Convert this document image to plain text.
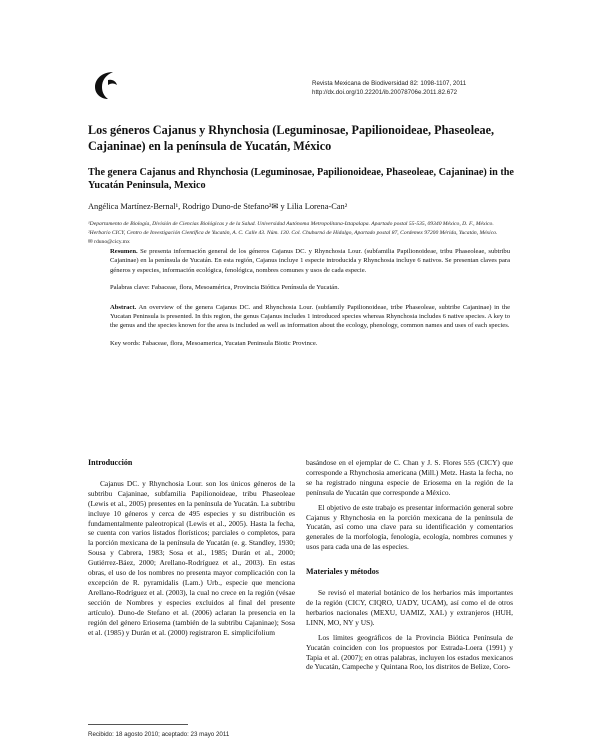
Revista Mexicana de Biodiversidad 82: 1098-1107, 2011
http://dx.doi.org/10.22201/ib.20078706e.2011.82.672
Los géneros Cajanus y Rhynchosia (Leguminosae, Papilionoideae, Phaseoleae, Cajaninae) en la península de Yucatán, México
The genera Cajanus and Rhynchosia (Leguminosae, Papilionoideae, Phaseoleae, Cajaninae) in the Yucatán Peninsula, Mexico
Angélica Martínez-Bernal¹, Rodrigo Duno-de Stefano²✉ y Lilia Lorena-Can²

¹Departamento de Biología, División de Ciencias Biológicas y de la Salud. Universidad Autónoma Metropolitana-Iztapalapa. Apartado postal 55-535, 09340 México, D. F., México.

²Herbario CICY, Centro de Investigación Científica de Yucatán, A. C. Calle 43. Núm. 130. Col. Chuburná de Hidalgo, Apartado postal 87, Cordemex 97200 Mérida, Yucatán, México.

✉ rduno@cicy.mx

Resumen. Se presenta información general de los géneros Cajanus DC. y Rhynchosia Lour. (subfamilia Papilionoideae, tribu Phaseoleae, subtribu Cajaninae) en la península de Yucatán. En esta región, Cajanus incluye 1 especie introducida y Rhynchosia incluye 6 nativos. Se presentan claves para géneros y especies, información ecológica, fenológica, nombres comunes y usos de cada especie.
Palabras clave: Fabaceae, flora, Mesoamérica, Provincia Biótica Península de Yucatán.
Abstract. An overview of the genera Cajanus DC. and Rhynchosia Lour. (subfamily Papilionoideae, tribe Phaseoleae, subtribe Cajaninae) in the Yucatan Peninsula is presented. In this region, the genus Cajanus includes 1 introduced species whereas Rhynchosia includes 6 native species. A key to the genus and the species known for the area is included as well as information about the ecology, phenology, common names and uses of each species.
Key words: Fabaceae, flora, Mesoamerica, Yucatan Peninsula Biotic Province.
Introducción

Cajanus DC. y Rhynchosia Lour. son los únicos géneros de la subtribu Cajaninae, subfamilia Papilionoideae, tribu Phaseoleae (Lewis et al., 2005) presentes en la península de Yucatán. La subtribu incluye 10 géneros y cerca de 495 especies y su distribución es fundamentalmente paleotropical (Lewis et al., 2005). Hasta la fecha, se cuenta con varios listados florísticos; parciales o completos, para la porción mexicana de la península de Yucatán (e. g. Standley, 1930; Sousa y Cabrera, 1983; Sosa et al., 1985; Durán et al., 2000; Gutiérrez-Báez, 2000; Arellano-Rodríguez et al., 2003). En estas obras, el uso de los nombres no presenta mayor complicación con la excepción de R. pyramidalis (Lam.) Urb., especie que menciona Arellano-Rodríguez et al. (2003), la cual no crece en la región (vésae sección de Nombres y especies excluidos al final del presente artículo). Duno-de Stefano et al. (2006) aclaran la presencia en la región del género Eriosema (también de la subtribu Cajaninae); Sosa et al. (1985) y Durán et al. (2000) registraron E. simplicifolium

basándose en el ejemplar de C. Chan y J. S. Flores 555 (CICY) que corresponde a Rhynchosia americana (Mill.) Metz. Hasta la fecha, no se ha registrado ninguna especie de Eriosema en la región de la península de Yucatán que corresponde a México.

El objetivo de este trabajo es presentar información general sobre Cajanus y Rhynchosia en la porción mexicana de la península de Yucatán, así como una clave para su identificación y comentarios generales de la morfología, fenología, ecología, nombres comunes y usos para cada una de las especies.

Materiales y métodos

Se revisó el material botánico de los herbarios más importantes de la región (CICY, CIQRO, UADY, UCAM), así como el de otros herbarios nacionales (MEXU, UAMIZ, XAL) y extranjeros (HUH, LINN, MO, NY y US).

Los límites geográficos de la Provincia Biótica Península de Yucatán coinciden con los propuestos por Estrada-Loera (1991) y Tapia et al. (2007); en otras palabras, incluyen los estados mexicanos de Yucatán, Campeche y Quintana Roo, los distritos de Belize, Coro-

Recibido: 18 agosto 2010; aceptado: 23 mayo 2011
